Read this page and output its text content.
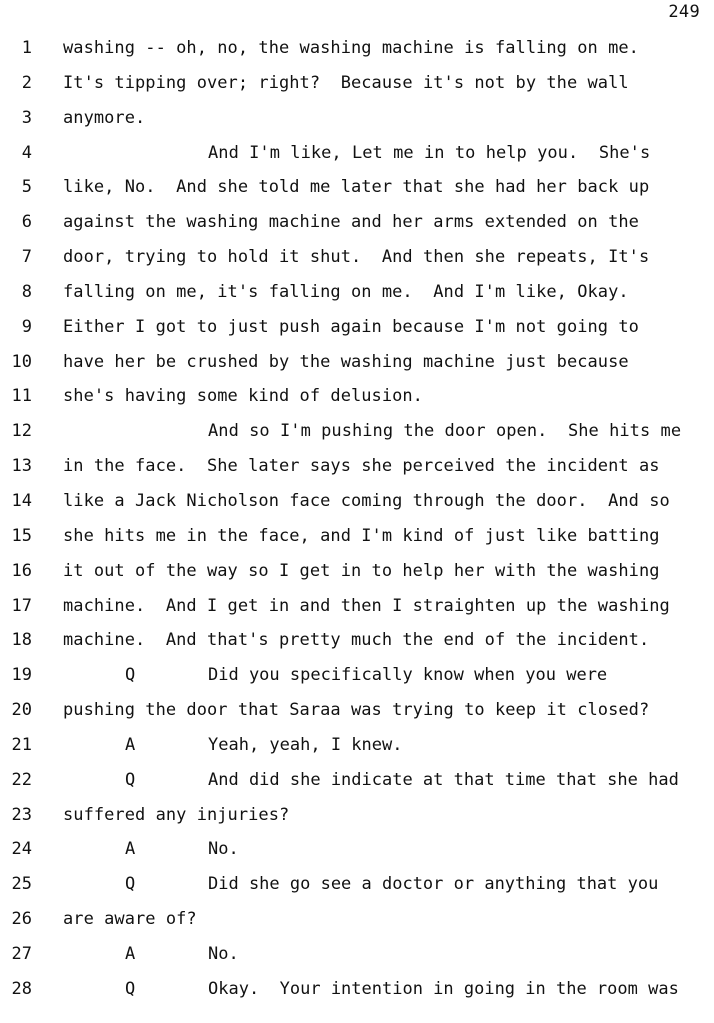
249
1 washing -- oh, no, the washing machine is falling on me.
2 It's tipping over; right?  Because it's not by the wall
3 anymore.
4	And I'm like, Let me in to help you.  She's
5 like, No.  And she told me later that she had her back up
6 against the washing machine and her arms extended on the
7 door, trying to hold it shut.  And then she repeats, It's
8 falling on me, it's falling on me.  And I'm like, Okay.
9 Either I got to just push again because I'm not going to
10 have her be crushed by the washing machine just because
11 she's having some kind of delusion.
12	And so I'm pushing the door open.  She hits me
13 in the face.  She later says she perceived the incident as
14 like a Jack Nicholson face coming through the door.  And so
15 she hits me in the face, and I'm kind of just like batting
16 it out of the way so I get in to help her with the washing
17 machine.  And I get in and then I straighten up the washing
18 machine.  And that's pretty much the end of the incident.
19	Q	Did you specifically know when you were
20 pushing the door that Saraa was trying to keep it closed?
21	A	Yeah, yeah, I knew.
22	Q	And did she indicate at that time that she had
23 suffered any injuries?
24	A	No.
25	Q	Did she go see a doctor or anything that you
26 are aware of?
27	A	No.
28	Q	Okay.  Your intention in going in the room was
